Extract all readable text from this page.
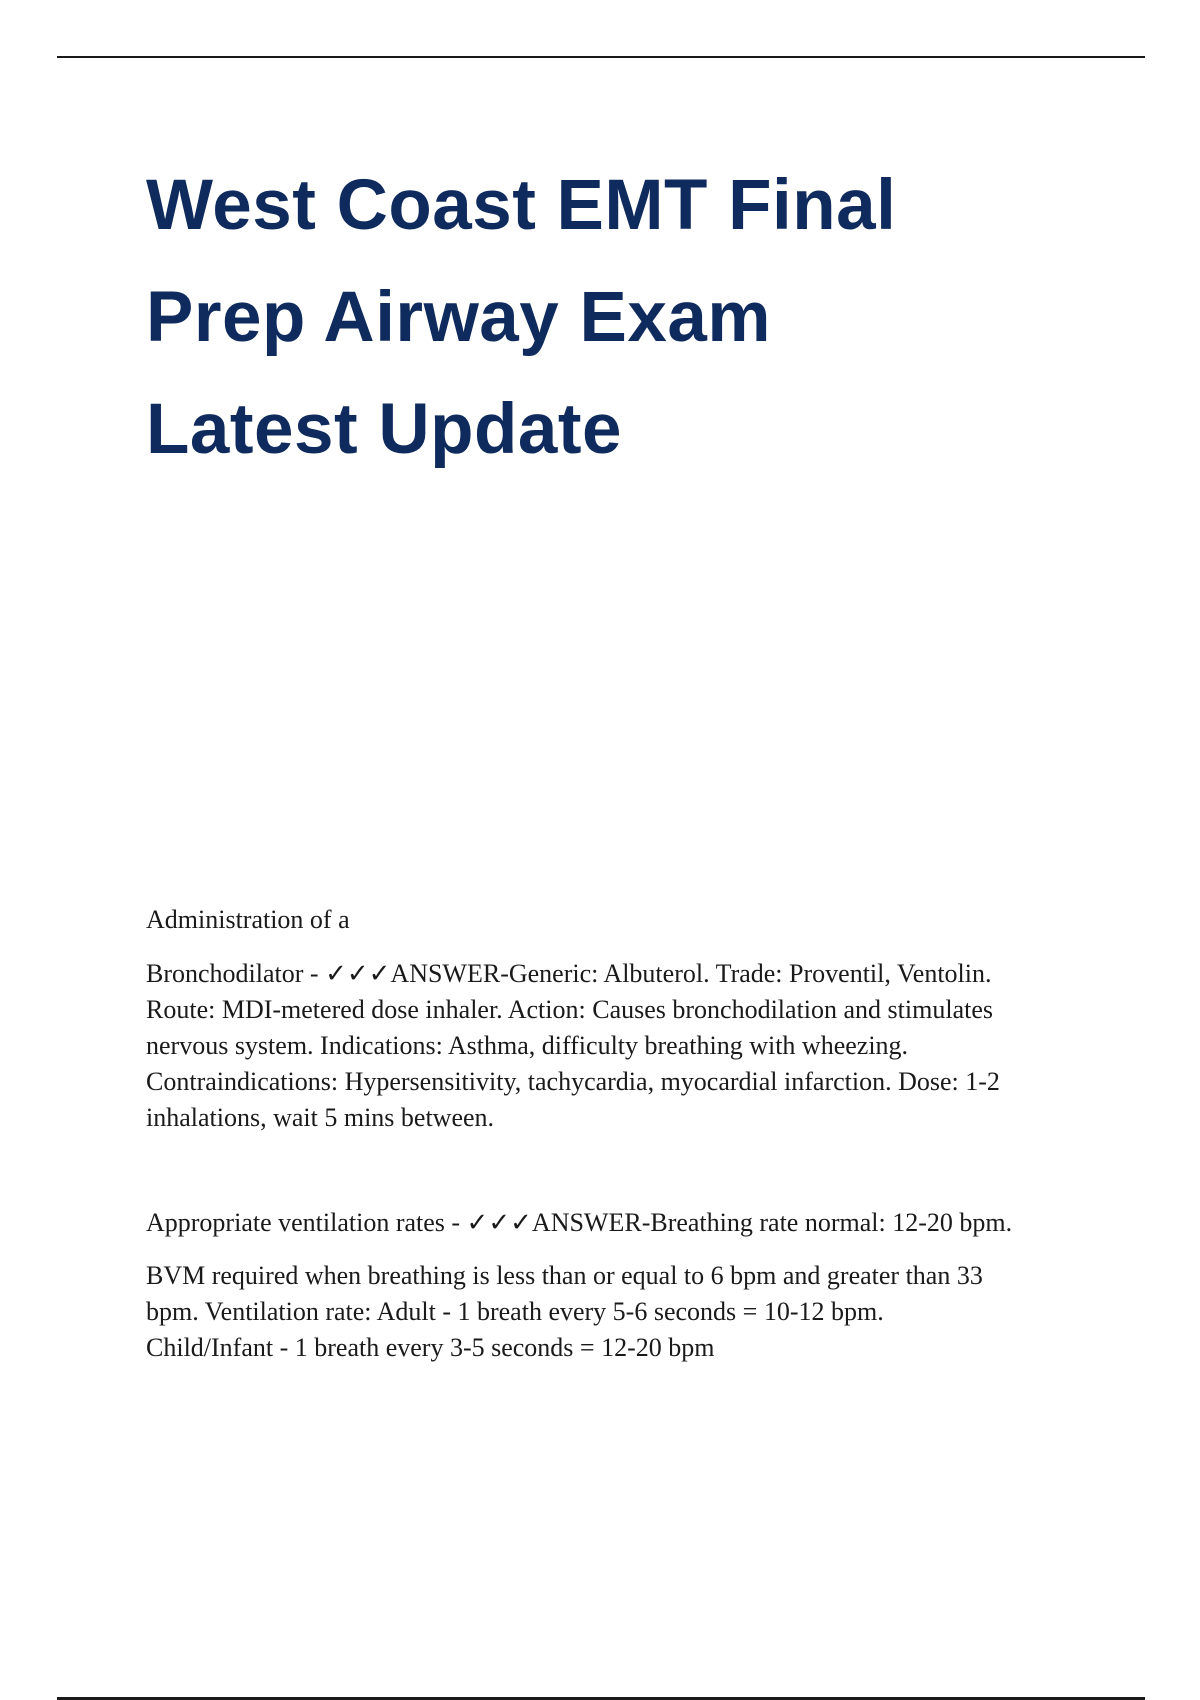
West Coast EMT Final
Prep Airway Exam
Latest Update

Administration of a

Bronchodilator - ✓✓✓ANSWER-Generic: Albuterol. Trade: Proventil, Ventolin.
Route: MDI-metered dose inhaler. Action: Causes bronchodilation and stimulates
nervous system. Indications: Asthma, difficulty breathing with wheezing.
Contraindications: Hypersensitivity, tachycardia, myocardial infarction. Dose: 1-2
inhalations, wait 5 mins between.

Appropriate ventilation rates - ✓✓✓ANSWER-Breathing rate normal: 12-20 bpm.

BVM required when breathing is less than or equal to 6 bpm and greater than 33
bpm. Ventilation rate: Adult - 1 breath every 5-6 seconds = 10-12 bpm.
Child/Infant - 1 breath every 3-5 seconds = 12-20 bpm
